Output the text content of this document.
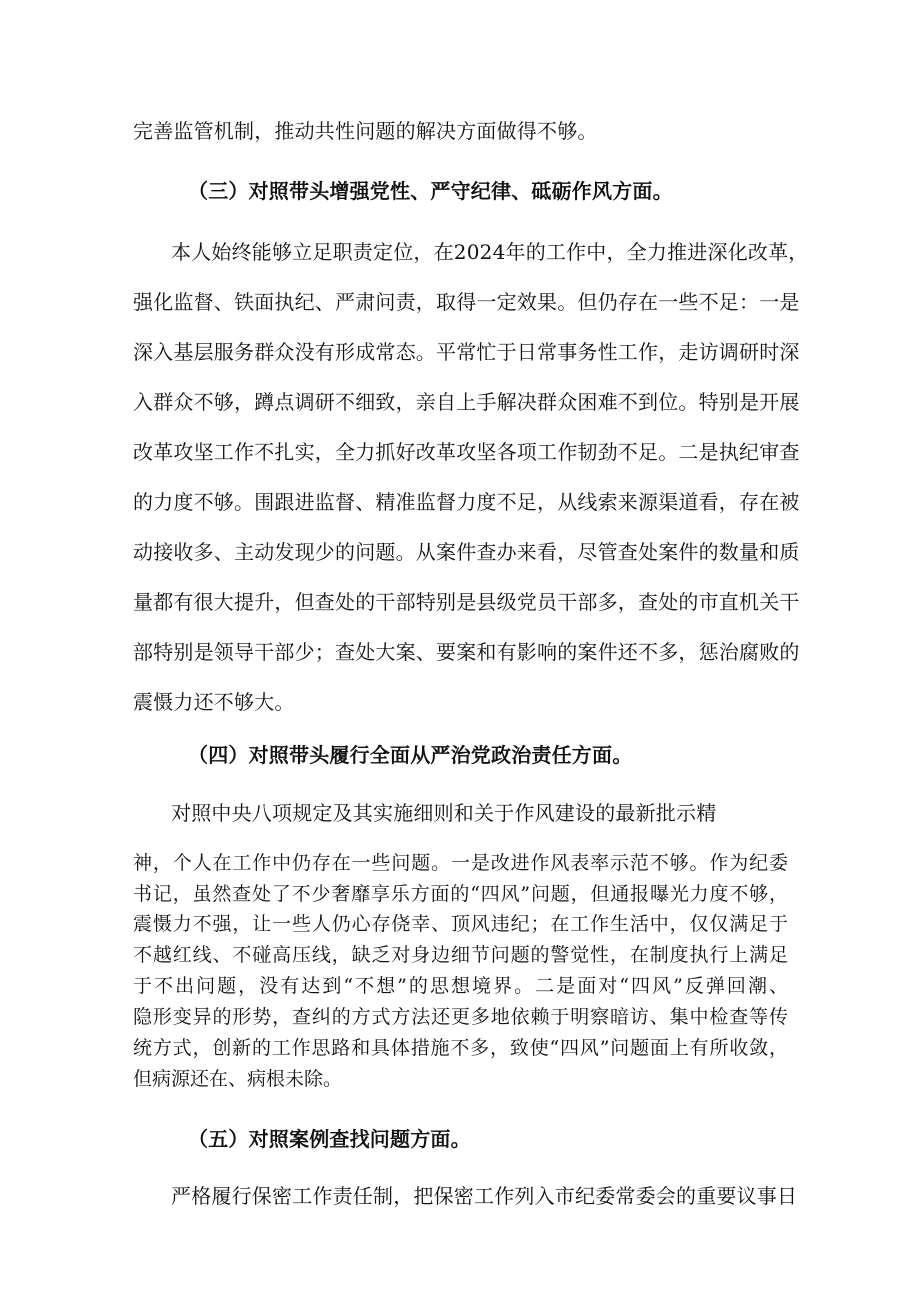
完善监管机制，推动共性问题的解决方面做得不够。
（三）对照带头增强党性、严守纪律、砥砺作风方面。
本人始终能够立足职责定位，在2024年的工作中，全力推进深化改革，
强化监督、铁面执纪、严肃问责，取得一定效果。但仍存在一些不足：一是
深入基层服务群众没有形成常态。平常忙于日常事务性工作，走访调研时深
入群众不够，蹲点调研不细致，亲自上手解决群众困难不到位。特别是开展
改革攻坚工作不扎实，全力抓好改革攻坚各项工作韧劲不足。二是执纪审查
的力度不够。围跟进监督、精准监督力度不足，从线索来源渠道看，存在被
动接收多、主动发现少的问题。从案件查办来看，尽管查处案件的数量和质
量都有很大提升，但查处的干部特别是县级党员干部多，查处的市直机关干
部特别是领导干部少；查处大案、要案和有影响的案件还不多，惩治腐败的
震慑力还不够大。
（四）对照带头履行全面从严治党政治责任方面。
对照中央八项规定及其实施细则和关于作风建设的最新批示精
神，个人在工作中仍存在一些问题。一是改进作风表率示范不够。作为纪委
书记，虽然查处了不少奢靡享乐方面的“四风”问题，但通报曝光力度不够，
震慑力不强，让一些人仍心存侥幸、顶风违纪；在工作生活中，仅仅满足于
不越红线、不碰高压线，缺乏对身边细节问题的警觉性，在制度执行上满足
于不出问题，没有达到“不想”的思想境界。二是面对“四风”反弹回潮、
隐形变异的形势，查纠的方式方法还更多地依赖于明察暗访、集中检查等传
统方式，创新的工作思路和具体措施不多，致使“四风”问题面上有所收敛，
但病源还在、病根未除。
（五）对照案例查找问题方面。
严格履行保密工作责任制，把保密工作列入市纪委常委会的重要议事日
